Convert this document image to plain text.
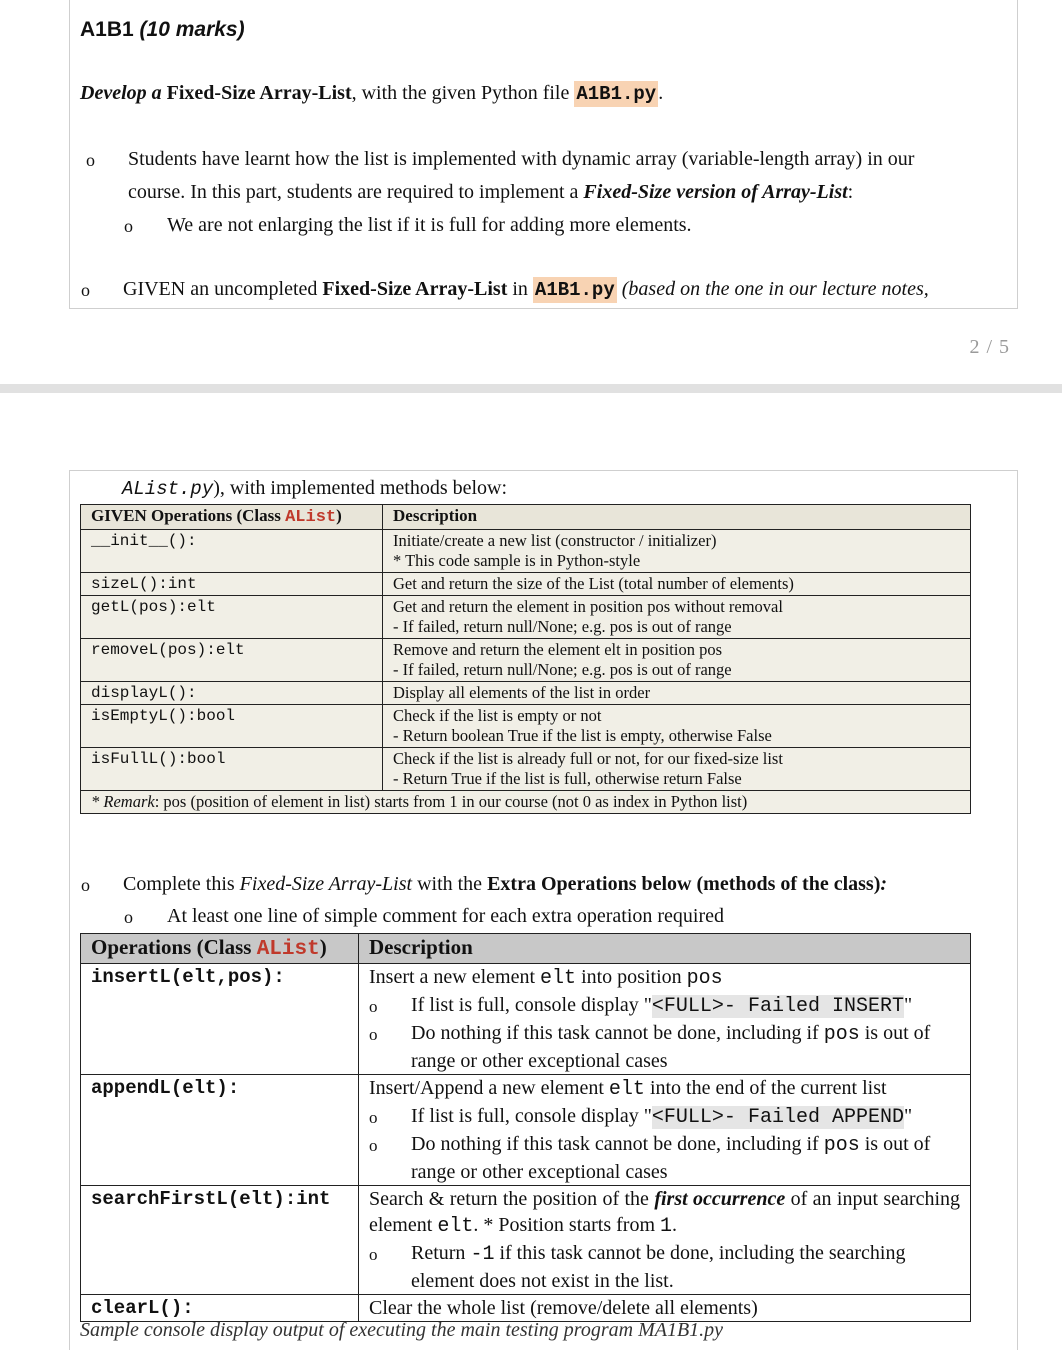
A1B1 (10 marks)
Develop a Fixed-Size Array-List, with the given Python file A1B1.py .
o Students have learnt how the list is implemented with dynamic array (variable-length array) in our
course. In this part, students are required to implement a Fixed-Size version of Array-List:
o We are not enlarging the list if it is full for adding more elements.
o GIVEN an uncompleted Fixed-Size Array-List in A1B1.py (based on the one in our lecture notes,
2 / 5
AList.py), with implemented methods below:
GIVEN Operations (Class AList)	Description
__init__():	Initiate/create a new list (constructor / initializer)
* This code sample is in Python-style

sizeL():int	Get and return the size of the List (total number of elements)

getL(pos):elt	Get and return the element in position pos without removal
- If failed, return null/None; e.g. pos is out of range

removeL(pos):elt	Remove and return the element elt in position pos
- If failed, return null/None; e.g. pos is out of range

displayL():	Display all elements of the list in order

isEmptyL():bool	Check if the list is empty or not
- Return boolean True if the list is empty, otherwise False

isFullL():bool	Check if the list is already full or not, for our fixed-size list
- Return True if the list is full, otherwise return False

* Remark: pos (position of element in list) starts from 1 in our course (not 0 as index in Python list)	
o Complete this Fixed-Size Array-List with the Extra Operations below (methods of the class):
o At least one line of simple comment for each extra operation required
Operations (Class AList)	Description
insertL(elt,pos):	Insert a new element elt into position pos
o If list is full, console display "<FULL>- Failed INSERT"
o Do nothing if this task cannot be done, including if pos is out of range or other exceptional cases

appendL(elt):	Insert/Append a new element elt into the end of the current list
o If list is full, console display "<FULL>- Failed APPEND"
o Do nothing if this task cannot be done, including if pos is out of range or other exceptional cases

searchFirstL(elt):int	Search & return the position of the first occurrence of an input searching element elt. * Position starts from 1.
o Return -1 if this task cannot be done, including the searching element does not exist in the list.

clearL():	Clear the whole list (remove/delete all elements)
Sample console display output of executing the main testing program MA1B1.py
